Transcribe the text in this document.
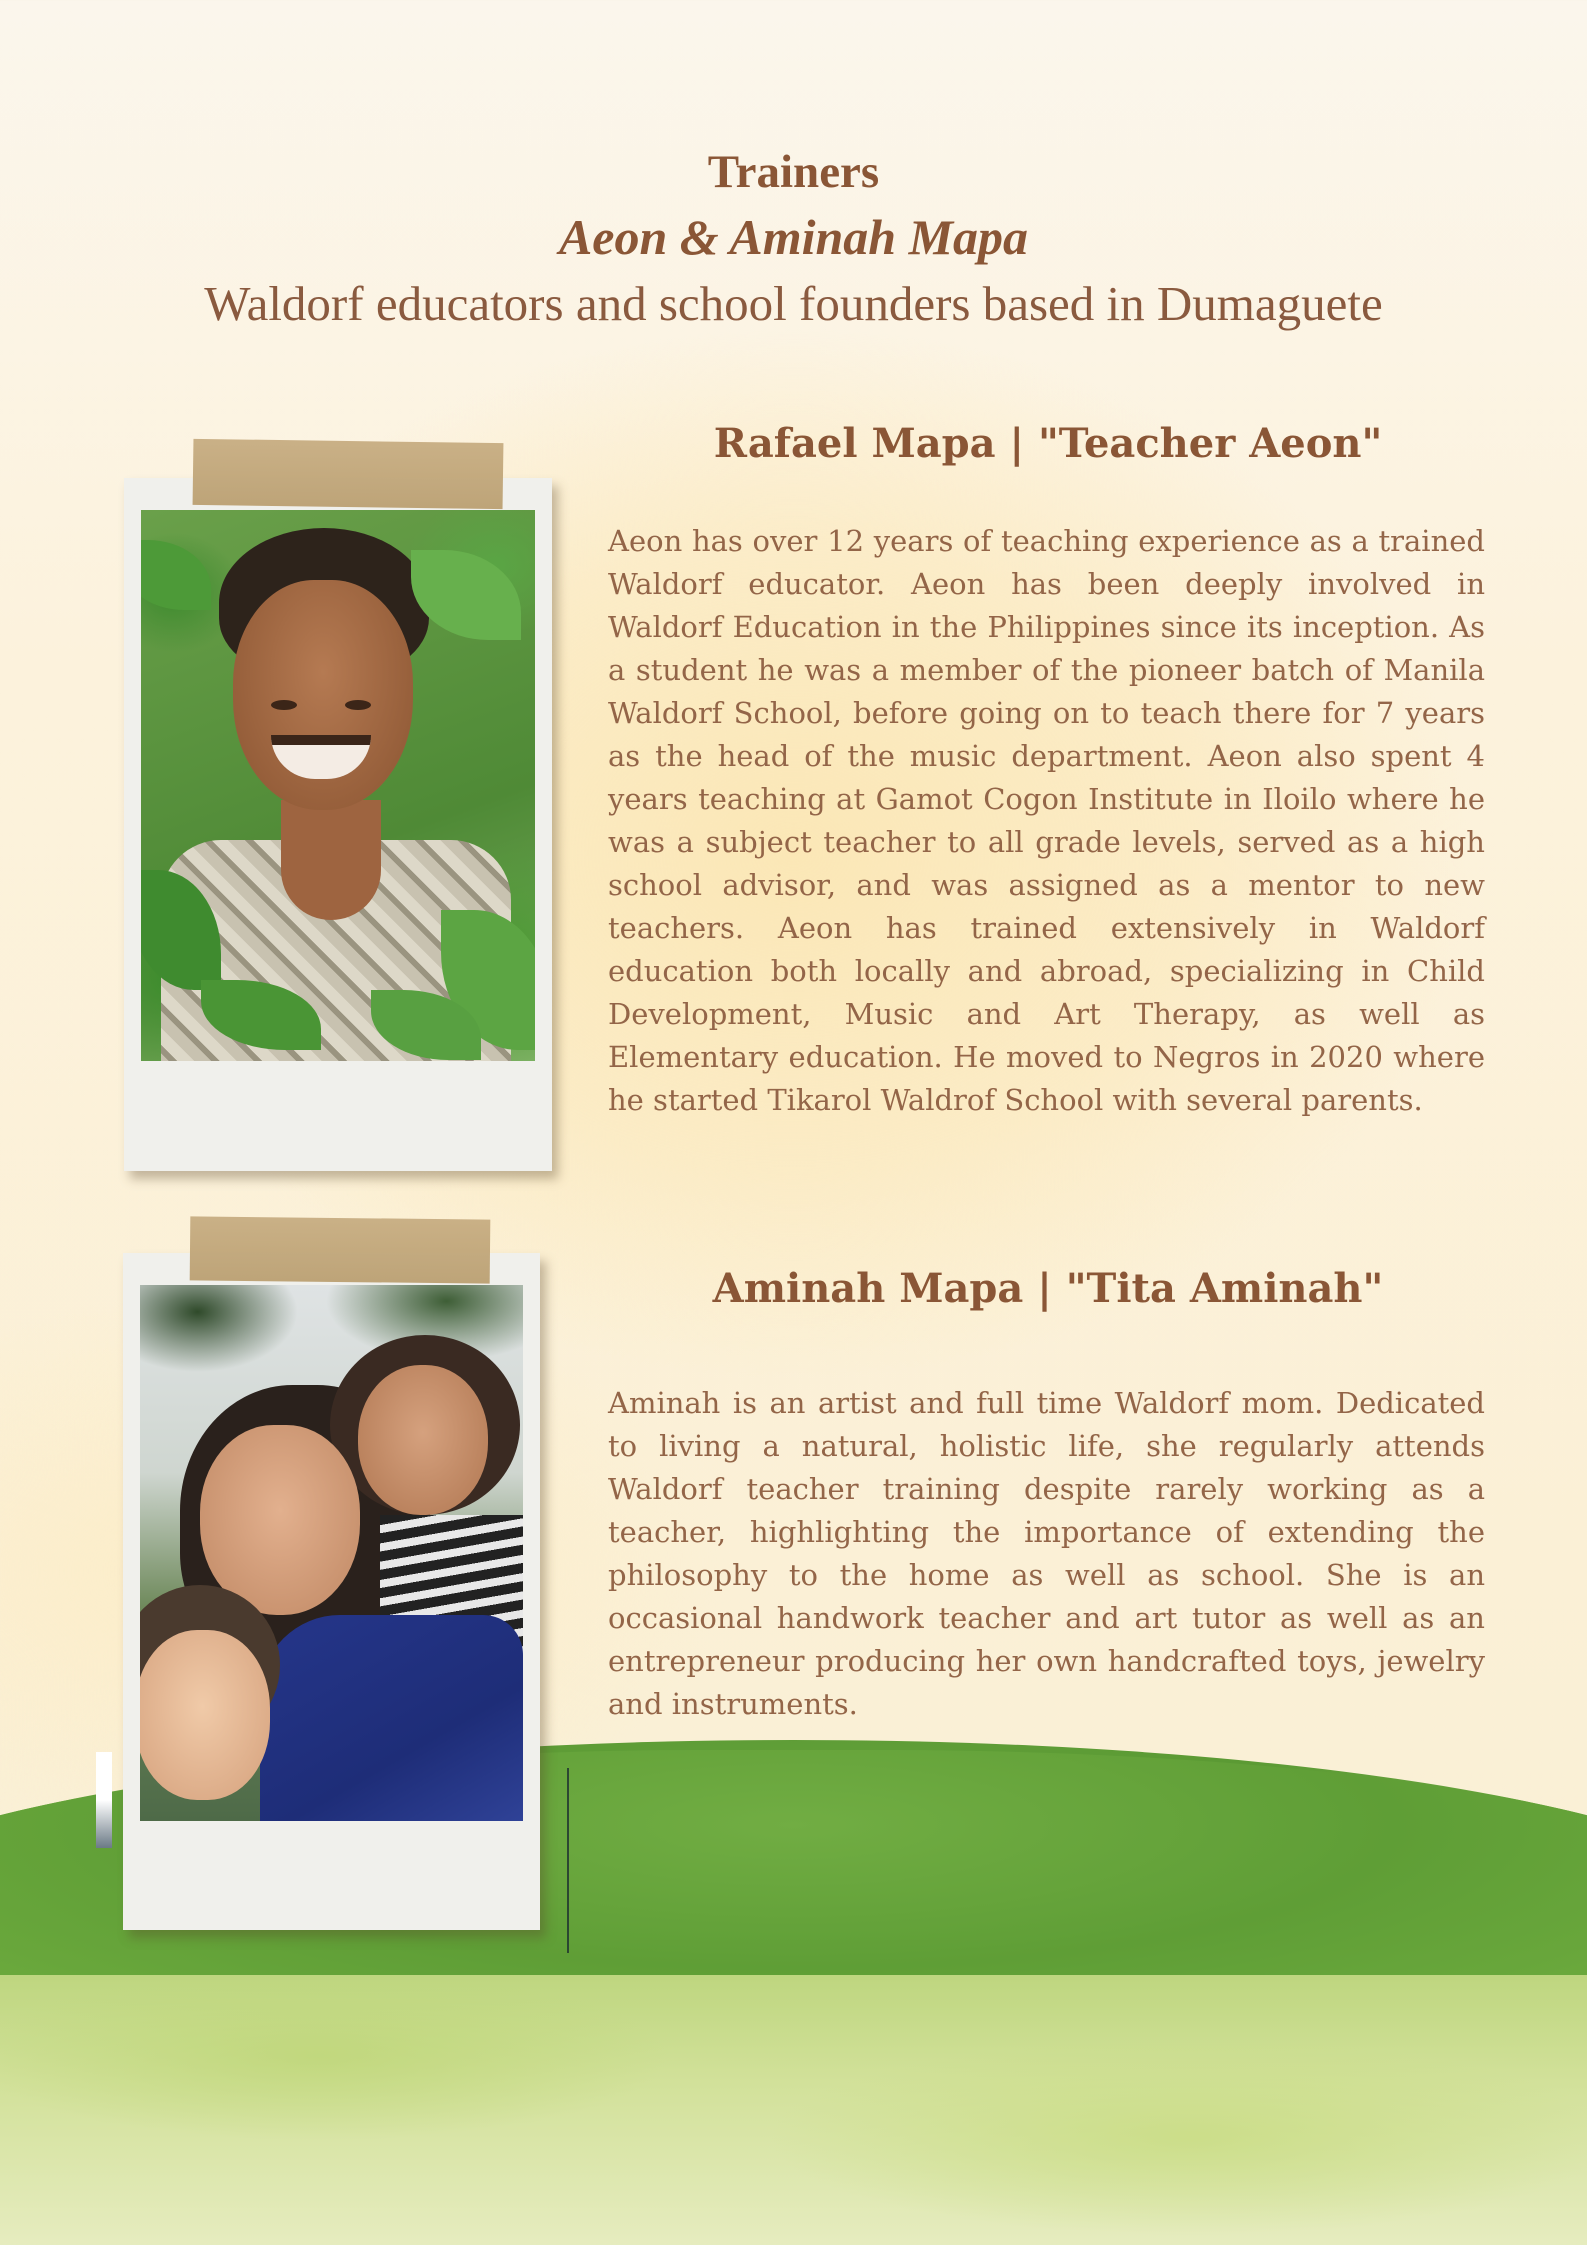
Trainers
Aeon & Aminah Mapa
Waldorf educators and school founders based in Dumaguete
Rafael Mapa | "Teacher Aeon"

Aeon has over 12 years of teaching experience as a trained Waldorf educator. Aeon has been deeply involved in Waldorf Education in the Philippines since its inception. As a student he was a member of the pioneer batch of Manila Waldorf School, before going on to teach there for 7 years as the head of the music department. Aeon also spent 4 years teaching at Gamot Cogon Institute in Iloilo where he was a subject teacher to all grade levels, served as a high school advisor, and was assigned as a mentor to new teachers. Aeon has trained extensively in Waldorf education both locally and abroad, specializing in Child Development, Music and Art Therapy, as well as Elementary education. He moved to Negros in 2020 where he started Tikarol Waldrof School with several parents.

Aminah Mapa | "Tita Aminah"

Aminah is an artist and full time Waldorf mom. Dedicated to living a natural, holistic life, she regularly attends Waldorf teacher training despite rarely working as a teacher, highlighting the importance of extending the philosophy to the home as well as school. She is an occasional handwork teacher and art tutor as well as an entrepreneur producing her own handcrafted toys, jewelry and instruments.
